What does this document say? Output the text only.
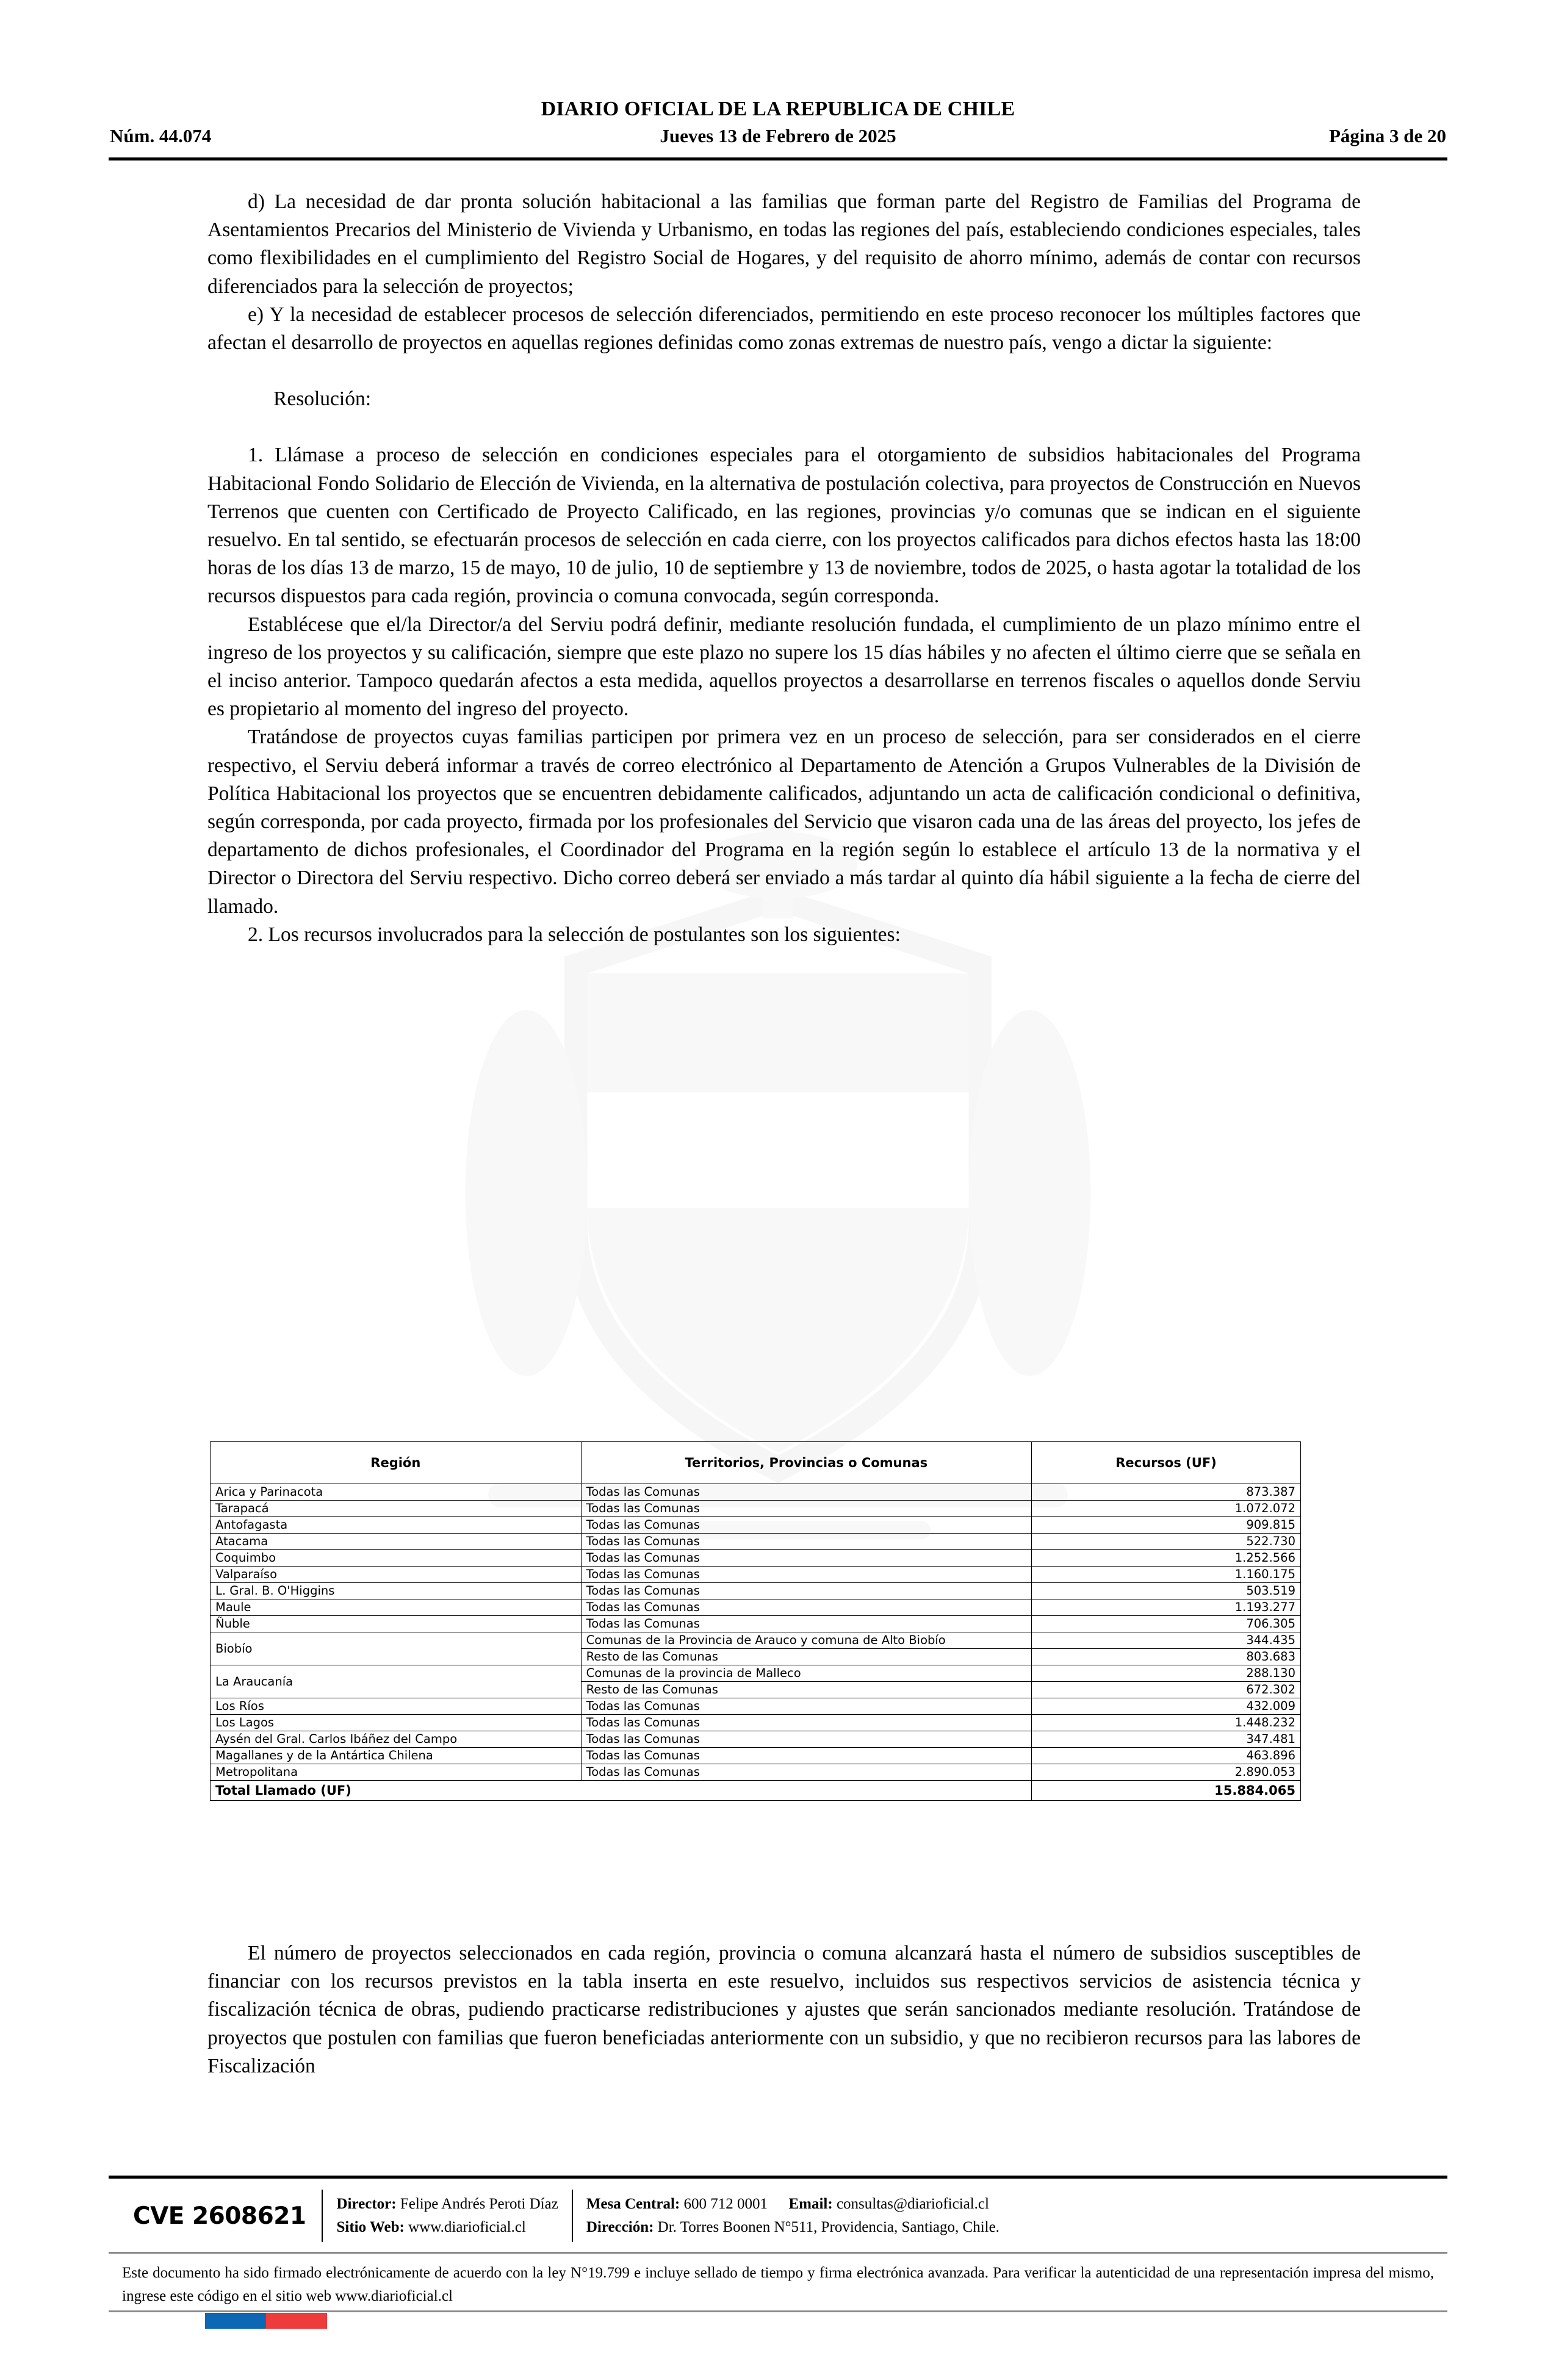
DIARIO OFICIAL DE LA REPUBLICA DE CHILE
Núm. 44.074	Jueves 13 de Febrero de 2025	Página 3 de 20

d) La necesidad de dar pronta solución habitacional a las familias que forman parte del Registro de Familias del Programa de Asentamientos Precarios del Ministerio de Vivienda y Urbanismo, en todas las regiones del país, estableciendo condiciones especiales, tales como flexibilidades en el cumplimiento del Registro Social de Hogares, y del requisito de ahorro mínimo, además de contar con recursos diferenciados para la selección de proyectos;

e) Y la necesidad de establecer procesos de selección diferenciados, permitiendo en este proceso reconocer los múltiples factores que afectan el desarrollo de proyectos en aquellas regiones definidas como zonas extremas de nuestro país, vengo a dictar la siguiente:

Resolución:

1. Llámase a proceso de selección en condiciones especiales para el otorgamiento de subsidios habitacionales del Programa Habitacional Fondo Solidario de Elección de Vivienda, en la alternativa de postulación colectiva, para proyectos de Construcción en Nuevos Terrenos que cuenten con Certificado de Proyecto Calificado, en las regiones, provincias y/o comunas que se indican en el siguiente resuelvo. En tal sentido, se efectuarán procesos de selección en cada cierre, con los proyectos calificados para dichos efectos hasta las 18:00 horas de los días 13 de marzo, 15 de mayo, 10 de julio, 10 de septiembre y 13 de noviembre, todos de 2025, o hasta agotar la totalidad de los recursos dispuestos para cada región, provincia o comuna convocada, según corresponda.

Establécese que el/la Director/a del Serviu podrá definir, mediante resolución fundada, el cumplimiento de un plazo mínimo entre el ingreso de los proyectos y su calificación, siempre que este plazo no supere los 15 días hábiles y no afecten el último cierre que se señala en el inciso anterior. Tampoco quedarán afectos a esta medida, aquellos proyectos a desarrollarse en terrenos fiscales o aquellos donde Serviu es propietario al momento del ingreso del proyecto.

Tratándose de proyectos cuyas familias participen por primera vez en un proceso de selección, para ser considerados en el cierre respectivo, el Serviu deberá informar a través de correo electrónico al Departamento de Atención a Grupos Vulnerables de la División de Política Habitacional los proyectos que se encuentren debidamente calificados, adjuntando un acta de calificación condicional o definitiva, según corresponda, por cada proyecto, firmada por los profesionales del Servicio que visaron cada una de las áreas del proyecto, los jefes de departamento de dichos profesionales, el Coordinador del Programa en la región según lo establece el artículo 13 de la normativa y el Director o Directora del Serviu respectivo. Dicho correo deberá ser enviado a más tardar al quinto día hábil siguiente a la fecha de cierre del llamado.

2. Los recursos involucrados para la selección de postulantes son los siguientes:

Región	Territorios, Provincias o Comunas	Recursos (UF)
Arica y Parinacota	Todas las Comunas	873.387
Tarapacá	Todas las Comunas	1.072.072
Antofagasta	Todas las Comunas	909.815
Atacama	Todas las Comunas	522.730
Coquimbo	Todas las Comunas	1.252.566
Valparaíso	Todas las Comunas	1.160.175
L. Gral. B. O'Higgins	Todas las Comunas	503.519
Maule	Todas las Comunas	1.193.277
Ñuble	Todas las Comunas	706.305
Biobío	Comunas de la Provincia de Arauco y comuna de Alto Biobío	344.435
	Resto de las Comunas	803.683
La Araucanía	Comunas de la provincia de Malleco	288.130
	Resto de las Comunas	672.302
Los Ríos	Todas las Comunas	432.009
Los Lagos	Todas las Comunas	1.448.232
Aysén del Gral. Carlos Ibáñez del Campo	Todas las Comunas	347.481
Magallanes y de la Antártica Chilena	Todas las Comunas	463.896
Metropolitana	Todas las Comunas	2.890.053
Total Llamado (UF)		15.884.065

El número de proyectos seleccionados en cada región, provincia o comuna alcanzará hasta el número de subsidios susceptibles de financiar con los recursos previstos en la tabla inserta en este resuelvo, incluidos sus respectivos servicios de asistencia técnica y fiscalización técnica de obras, pudiendo practicarse redistribuciones y ajustes que serán sancionados mediante resolución. Tratándose de proyectos que postulen con familias que fueron beneficiadas anteriormente con un subsidio, y que no recibieron recursos para las labores de Fiscalización

CVE 2608621	Director: Felipe Andrés Peroti Díaz
Sitio Web: www.diarioficial.cl
Mesa Central: 600 712 0001 Email: consultas@diarioficial.cl
Dirección: Dr. Torres Boonen N°511, Providencia, Santiago, Chile.
Este documento ha sido firmado electrónicamente de acuerdo con la ley N°19.799 e incluye sellado de tiempo y firma electrónica avanzada. Para verificar la autenticidad de una representación impresa del mismo, ingrese este código en el sitio web www.diarioficial.cl
